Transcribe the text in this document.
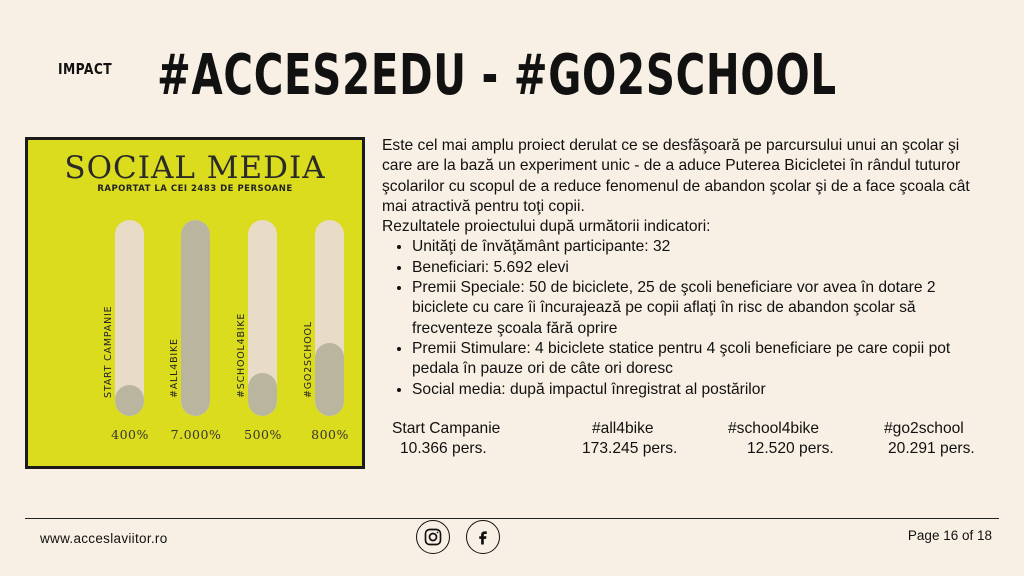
IMPACT #ACCES2EDU - #GO2SCHOOL
SOCIAL MEDIA
RAPORTAT LA CEI 2483 DE PERSOANE
START CAMPANIE
400%
#ALL4BIKE
7.000%
#SCHOOL4BIKE
500%
#GO2SCHOOL
800%

Este cel mai amplu proiect derulat ce se desfăşoară pe parcursului unui an şcolar şi care are la bază un experiment unic - de a aduce Puterea Bicicletei în rândul tuturor şcolarilor cu scopul de a reduce fenomenul de abandon şcolar şi de a face şcoala cât mai atractivă pentru toţi copii.

Rezultatele proiectului după următorii indicatori:

• Unităţi de învăţământ participante: 32
• Beneficiari: 5.692 elevi
• Premii Speciale: 50 de biciclete, 25 de şcoli beneficiare vor avea în dotare 2 biciclete cu care îi încurajează pe copii aflaţi în risc de abandon şcolar să frecventeze şcoala fără oprire
• Premii Stimulare: 4 biciclete statice pentru 4 şcoli beneficiare pe care copii pot pedala în pauze ori de câte ori doresc
• Social media: după impactul înregistrat al postărilor
Start Campanie	#all4bike	#school4bike	#go2school
10.366 pers.	173.245 pers.	12.520 pers.	20.291 pers.
www.acceslaviitor.ro	Page 16 of 18
